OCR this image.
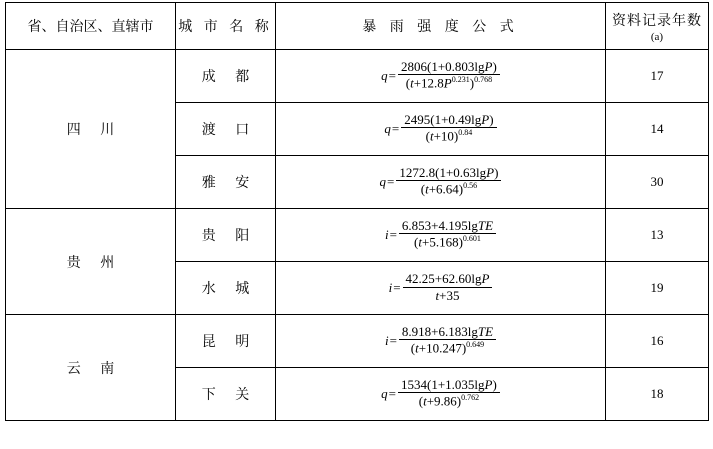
省、自治区、直辖市	城 市 名 称	暴 雨 强 度 公 式	资料记录年数
(a)

四 川	成 都	$q= \frac{2806(1+0.803\lg P)}{(t+12.8P^{0.231})^{0.768}}$	17
	渡 口	$q= \frac{2495(1+0.49\lg P)}{(t+10)^{0.84}}$	14
	雅 安	$q= \frac{1272.8(1+0.63\lg P)}{(t+6.64)^{0.56}}$	30
贵 州	贵 阳	$i= \frac{\text{6.853+4.195lgTE}}{(t+5.168)^{0.601}}$	13
	水 城	$i= \frac{42.25+62.60\lg P}{t+35}$	19
云 南	昆 明	$i= \frac{\text{8.918+6.183lgTE}}{(t+10.247)^{0.649}}$	16
	下 关	$q= \frac{1534(1+1.035\lg P)}{(t+9.86)^{0.762}}$	18
